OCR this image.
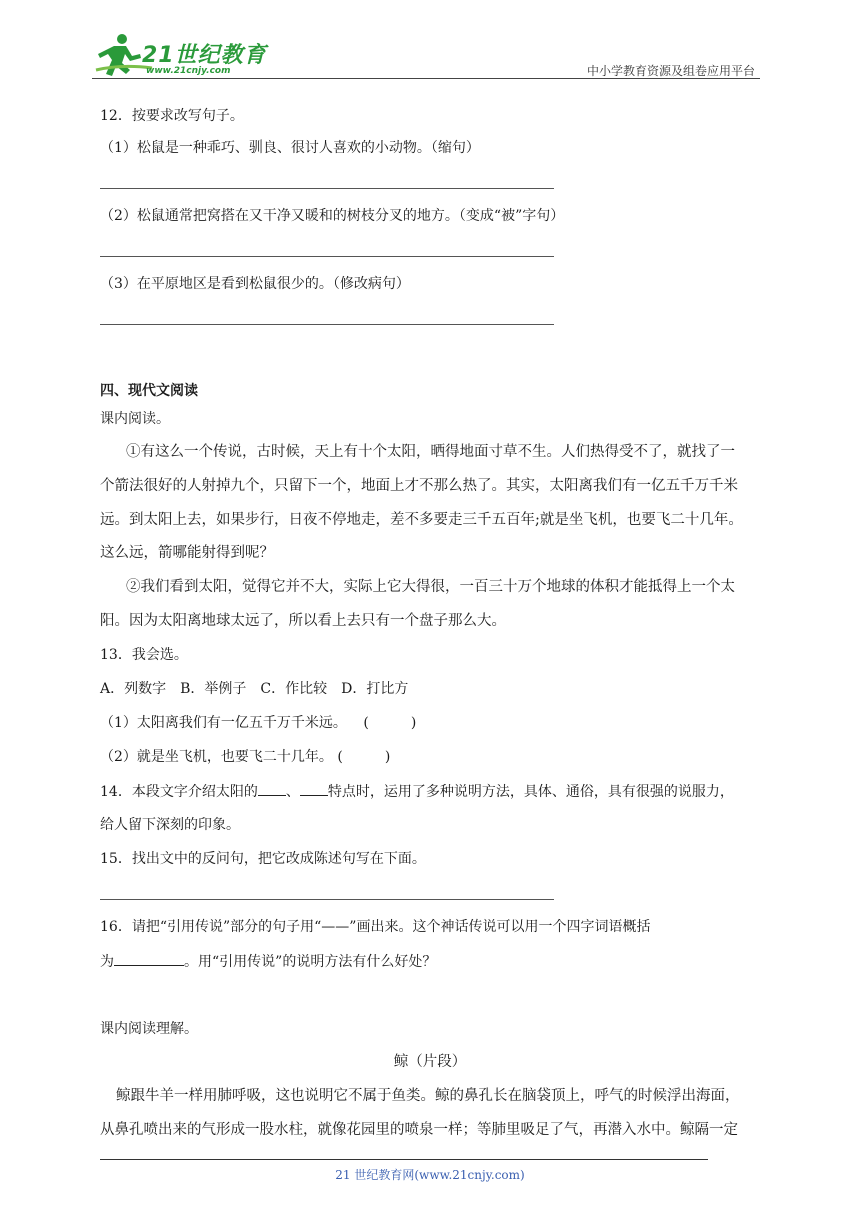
21世纪教育
www.21cnjy.com	中小学教育资源及组卷应用平台
12．按要求改写句子。
（1）松鼠是一种乖巧、驯良、很讨人喜欢的小动物。（缩句）
（2）松鼠通常把窝搭在又干净又暖和的树枝分叉的地方。（变成“被”字句）
（3）在平原地区是看到松鼠很少的。（修改病句）
四、现代文阅读
课内阅读。
①有这么一个传说，古时候，天上有十个太阳，晒得地面寸草不生。人们热得受不了，就找了一
个箭法很好的人射掉九个，只留下一个，地面上才不那么热了。其实，太阳离我们有一亿五千万千米
远。到太阳上去，如果步行，日夜不停地走，差不多要走三千五百年;就是坐飞机，也要飞二十几年。
这么远，箭哪能射得到呢？
②我们看到太阳，觉得它并不大，实际上它大得很，一百三十万个地球的体积才能抵得上一个太
阳。因为太阳离地球太远了，所以看上去只有一个盘子那么大。
13．我会选。
A．列数字　B．举例子　C．作比较　D．打比方
（1）太阳离我们有一亿五千万千米远。 (　　　)
（2）就是坐飞机，也要飞二十几年。 (　　　)
14．本段文字介绍太阳的 、 特点时，运用了多种说明方法，具体、通俗，具有很强的说服力，
给人留下深刻的印象。
15．找出文中的反问句，把它改成陈述句写在下面。
16．请把“引用传说”部分的句子用“——”画出来。这个神话传说可以用一个四字词语概括
为	。用“引用传说”的说明方法有什么好处？
课内阅读理解。
鲸（片段）
鲸跟牛羊一样用肺呼吸，这也说明它不属于鱼类。鲸的鼻孔长在脑袋顶上，呼气的时候浮出海面，
从鼻孔喷出来的气形成一股水柱，就像花园里的喷泉一样；等肺里吸足了气，再潜入水中。鲸隔一定
21 世纪教育网(www.21cnjy.com)
